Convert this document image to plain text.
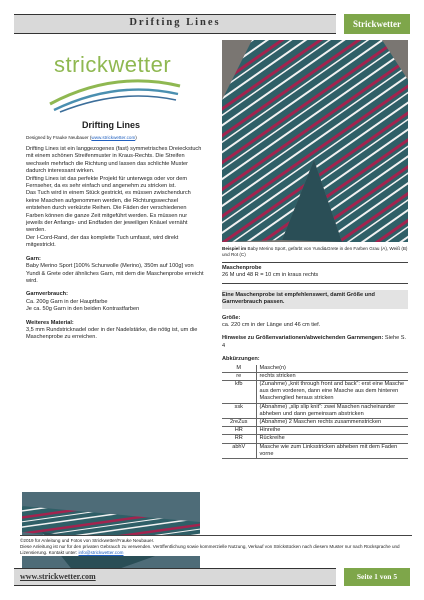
Drifting Lines	Strickwetter
strickwetter
Drifting Lines
Designed by Frauke Neubauer (www.strickwetter.com)

Drifting Lines ist ein langgezogenes (fast) symmetrisches Dreieckstuch mit einem schönen Streifenmuster in Kraus-Rechts. Die Streifen wechseln mehrfach die Richtung und lassen das schlichte Muster dadurch interessant wirken.
Drifting Lines ist das perfekte Projekt für unterwegs oder vor dem Fernseher, da es sehr einfach und angenehm zu stricken ist.
Das Tuch wird in einem Stück gestrickt, es müssen zwischendurch keine Maschen aufgenommen werden, die Richtungswechsel entstehen durch verkürzte Reihen. Die Fäden der verschiedenen Farben können die ganze Zeit mitgeführt werden. Es müssen nur jeweils der Anfangs- und Endfaden der jeweiligen Knäuel vernäht werden.
Der I-Cord-Rand, der das komplette Tuch umfasst, wird direkt mitgestrickt.

Garn:
Baby Merino Sport [100% Schurwolle (Merino), 350m auf 100g] von Yundi & Grete oder ähnliches Garn, mit dem die Maschenprobe erreicht wird.

Garnverbrauch:
Ca. 200g Garn in der Hauptfarbe
Je ca. 50g Garn in den beiden Kontrastfarben

Weiteres Material:
3,5 mm Rundstricknadel oder in der Nadelstärke, die nötig ist, um die Maschenprobe zu erreichen.

Beispiel im Baby Merino Sport, gefärbt von Yundi&Grete in den Farben Grau (A), Weiß (B) und Rot (C)
Maschenprobe
26 M und 48 R = 10 cm in kraus rechts
Eine Maschenprobe ist empfehlenswert, damit Größe und Garnverbrauch passen.
Größe:
ca. 220 cm in der Länge und 46 cm tief.
Hinweise zu Größenvariationen/abweichenden Garnmengen: Siehe S. 4
Abkürzungen:
M	Masche(n)
re	rechts stricken
kfb	(Zunahme) „knit through front and back“: erst eine Masche aus dem vorderen, dann eine Masche aus dem hinteren Maschenglied heraus stricken
ssk	(Abnahme) „slip slip knit“: zwei Maschen nacheinander abheben und dann gemeinsam abstricken
2reZus	(Abnahme) 2 Maschen rechts zusammenstricken
HR	Hinreihe
RR	Rückreihe
abhV	Masche wie zum Linksstricken abheben mit dem Faden vorne
©2019 für Anleitung und Fotos von Strickwetter/Frauke Neubauer.
Diese Anleitung ist nur für den privaten Gebrauch zu verwenden. Veröffentlichung sowie kommerzielle Nutzung, Verkauf von Strickstücken nach diesem Muster nur nach Rücksprache und Lizensierung. Kontakt unter: info@strickwetter.com
www.strickwetter.com	Seite 1 von 5
